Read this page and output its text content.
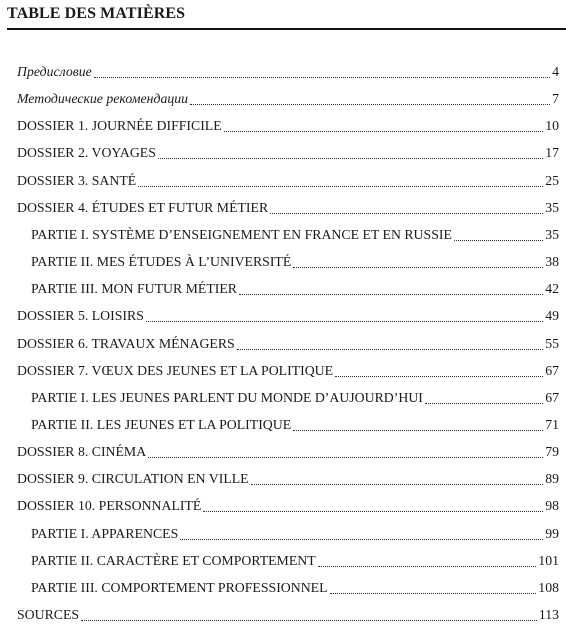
TABLE DES MATIÈRES
Предисловие	4
Методические рекомендации	7
DOSSIER 1. JOURNÉE DIFFICILE	10
DOSSIER 2. VOYAGES	17
DOSSIER 3. SANTÉ	25
DOSSIER 4. ÉTUDES ET FUTUR MÉTIER	35
PARTIE I. SYSTÈME D’ENSEIGNEMENT EN FRANCE ET EN RUSSIE	35
PARTIE II. MES ÉTUDES À L’UNIVERSITÉ	38
PARTIE III. MON FUTUR MÉTIER	42
DOSSIER 5. LOISIRS	49
DOSSIER 6. TRAVAUX MÉNAGERS	55
DOSSIER 7. VŒUX DES JEUNES ET LA POLITIQUE	67
PARTIE I. LES JEUNES PARLENT DU MONDE D’AUJOURD’HUI	67
PARTIE II. LES JEUNES ET LA POLITIQUE	71
DOSSIER 8. CINÉMA	79
DOSSIER 9. CIRCULATION EN VILLE	89
DOSSIER 10. PERSONNALITÉ	98
PARTIE I. APPARENCES	99
PARTIE II. CARACTÈRE ET COMPORTEMENT	101
PARTIE III. COMPORTEMENT PROFESSIONNEL	108
SOURCES	113
